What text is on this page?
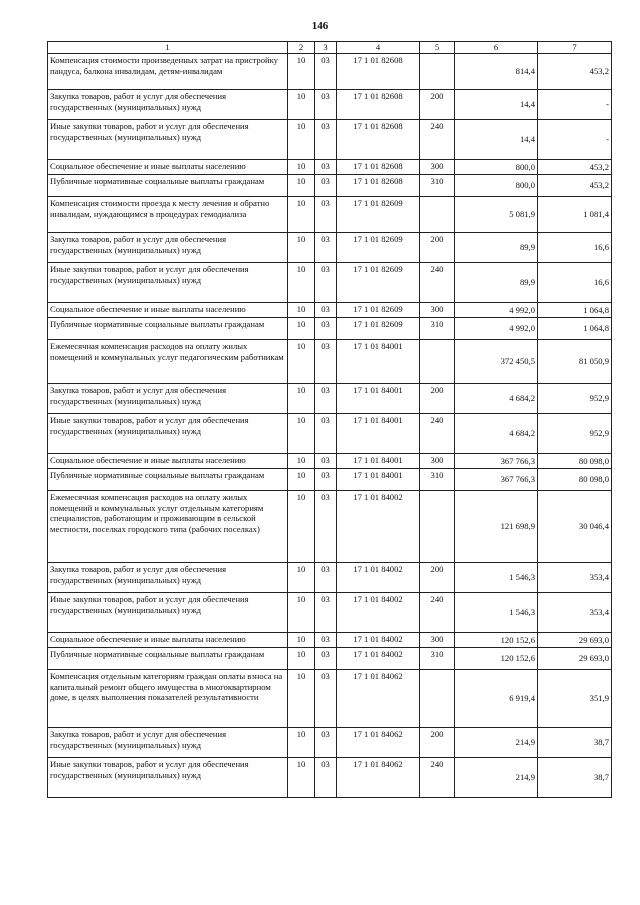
146
1	2	3	4	5	6	7
Компенсация стоимости произведенных затрат на пристройку пандуса, балкона инвалидам, детям-инвалидам	10	03	17 1 01 82608		814,4	453,2
Закупка товаров, работ и услуг для обеспечения государственных (муниципальных) нужд	10	03	17 1 01 82608	200	14,4	-
Иные закупки товаров, работ и услуг для обеспечения государственных (муниципальных) нужд	10	03	17 1 01 82608	240	14,4	-
Социальное обеспечение и иные выплаты населению	10	03	17 1 01 82608	300	800,0	453,2
Публичные нормативные социальные выплаты гражданам	10	03	17 1 01 82608	310	800,0	453,2
Компенсация стоимости проезда к месту лечения и обратно инвалидам, нуждающимся в процедурах гемодиализа	10	03	17 1 01 82609		5 081,9	1 081,4
Закупка товаров, работ и услуг для обеспечения государственных (муниципальных) нужд	10	03	17 1 01 82609	200	89,9	16,6
Иные закупки товаров, работ и услуг для обеспечения государственных (муниципальных) нужд	10	03	17 1 01 82609	240	89,9	16,6
Социальное обеспечение и иные выплаты населению	10	03	17 1 01 82609	300	4 992,0	1 064,8
Публичные нормативные социальные выплаты гражданам	10	03	17 1 01 82609	310	4 992,0	1 064,8
Ежемесячная компенсация расходов на оплату жилых помещений и коммунальных услуг педагогическим работникам	10	03	17 1 01 84001		372 450,5	81 050,9
Закупка товаров, работ и услуг для обеспечения государственных (муниципальных) нужд	10	03	17 1 01 84001	200	4 684,2	952,9
Иные закупки товаров, работ и услуг для обеспечения государственных (муниципальных) нужд	10	03	17 1 01 84001	240	4 684,2	952,9
Социальное обеспечение и иные выплаты населению	10	03	17 1 01 84001	300	367 766,3	80 098,0
Публичные нормативные социальные выплаты гражданам	10	03	17 1 01 84001	310	367 766,3	80 098,0
Ежемесячная компенсация расходов на оплату жилых помещений и коммунальных услуг отдельным категориям специалистов, работающим и проживающим в сельской местности, поселках городского типа (рабочих поселках)	10	03	17 1 01 84002		121 698,9	30 046,4
Закупка товаров, работ и услуг для обеспечения государственных (муниципальных) нужд	10	03	17 1 01 84002	200	1 546,3	353,4
Иные закупки товаров, работ и услуг для обеспечения государственных (муниципальных) нужд	10	03	17 1 01 84002	240	1 546,3	353,4
Социальное обеспечение и иные выплаты населению	10	03	17 1 01 84002	300	120 152,6	29 693,0
Публичные нормативные социальные выплаты гражданам	10	03	17 1 01 84002	310	120 152,6	29 693,0
Компенсация отдельным категориям граждан оплаты взноса на капитальный ремонт общего имущества в многоквартирном доме, в целях выполнения показателей результативности	10	03	17 1 01 84062		6 919,4	351,9
Закупка товаров, работ и услуг для обеспечения государственных (муниципальных) нужд	10	03	17 1 01 84062	200	214,9	38,7
Иные закупки товаров, работ и услуг для обеспечения государственных (муниципальных) нужд	10	03	17 1 01 84062	240	214,9	38,7
